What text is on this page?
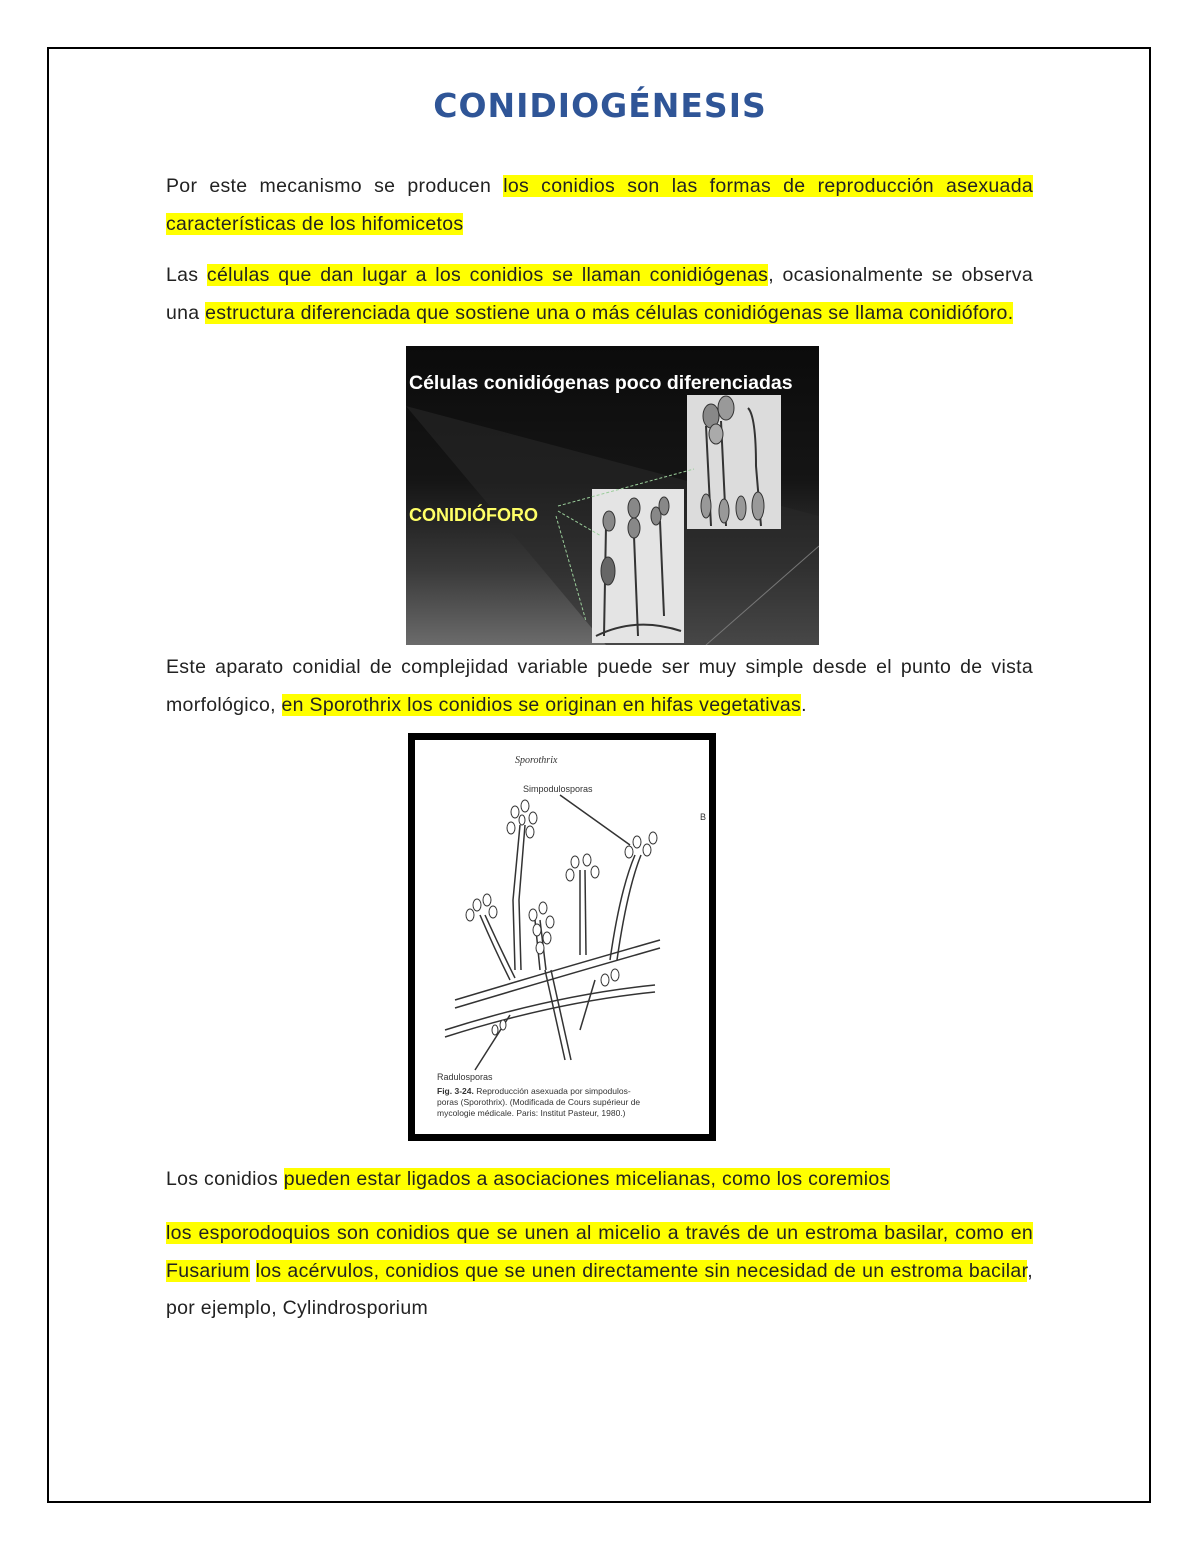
CONIDIOGÉNESIS
Por este mecanismo se producen los conidios son las formas de reproducción asexuada características de los hifomicetos
Las células que dan lugar a los conidios se llaman conidiógenas, ocasionalmente se observa una estructura diferenciada que sostiene una o más células conidiógenas se llama conidióforo.
Células conidiógenas poco diferenciadas
CONIDIÓFORO
Este aparato conidial de complejidad variable puede ser muy simple desde el punto de vista morfológico, en Sporothrix los conidios se originan en hifas vegetativas.
Sporothrix
Simpodulosporas
B
Radulosporas
Fig. 3-24. Reproducción asexuada por simpodulos-
poras (Sporothrix). (Modificada de Cours supérieur de
mycologie médicale. Paris: Institut Pasteur, 1980.)
Los conidios pueden estar ligados a asociaciones micelianas, como los coremios
los esporodoquios son conidios que se unen al micelio a través de un estroma basilar, como en Fusarium los acérvulos, conidios que se unen directamente sin necesidad de un estroma bacilar, por ejemplo, Cylindrosporium
